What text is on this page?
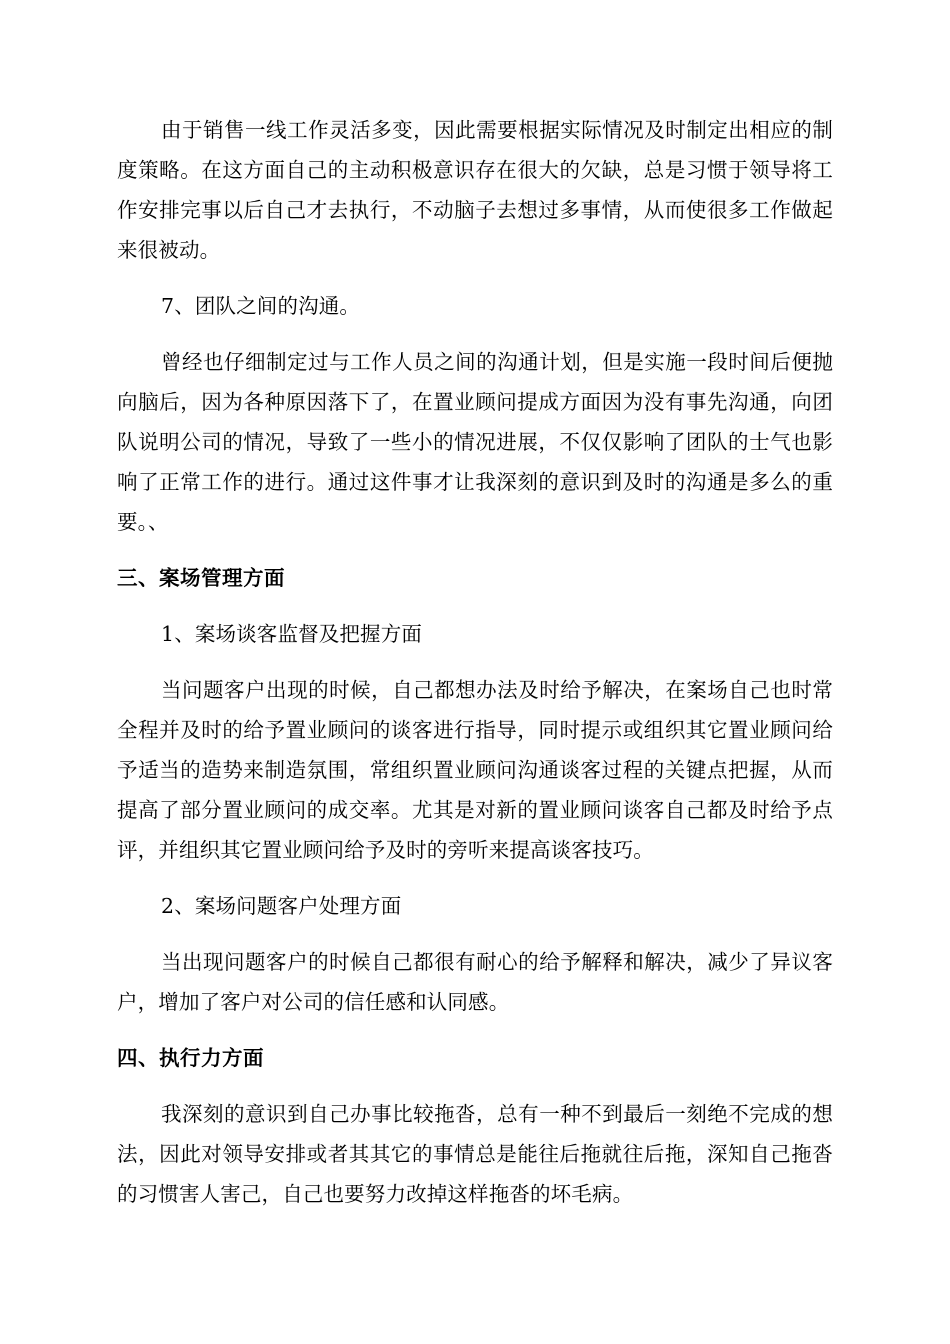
由于销售一线工作灵活多变，因此需要根据实际情况及时制定出相应的制度策略。在这方面自己的主动积极意识存在很大的欠缺，总是习惯于领导将工作安排完事以后自己才去执行，不动脑子去想过多事情，从而使很多工作做起来很被动。

7、团队之间的沟通。

曾经也仔细制定过与工作人员之间的沟通计划，但是实施一段时间后便抛向脑后，因为各种原因落下了，在置业顾问提成方面因为没有事先沟通，向团队说明公司的情况，导致了一些小的情况进展，不仅仅影响了团队的士气也影响了正常工作的进行。通过这件事才让我深刻的意识到及时的沟通是多么的重要。、

三、案场管理方面

1、案场谈客监督及把握方面

当问题客户出现的时候，自己都想办法及时给予解决，在案场自己也时常全程并及时的给予置业顾问的谈客进行指导，同时提示或组织其它置业顾问给予适当的造势来制造氛围，常组织置业顾问沟通谈客过程的关键点把握，从而提高了部分置业顾问的成交率。尤其是对新的置业顾问谈客自己都及时给予点评，并组织其它置业顾问给予及时的旁听来提高谈客技巧。

2、案场问题客户处理方面

当出现问题客户的时候自己都很有耐心的给予解释和解决，减少了异议客户，增加了客户对公司的信任感和认同感。

四、执行力方面

我深刻的意识到自己办事比较拖沓，总有一种不到最后一刻绝不完成的想法，因此对领导安排或者其其它的事情总是能往后拖就往后拖，深知自己拖沓的习惯害人害己，自己也要努力改掉这样拖沓的坏毛病。
